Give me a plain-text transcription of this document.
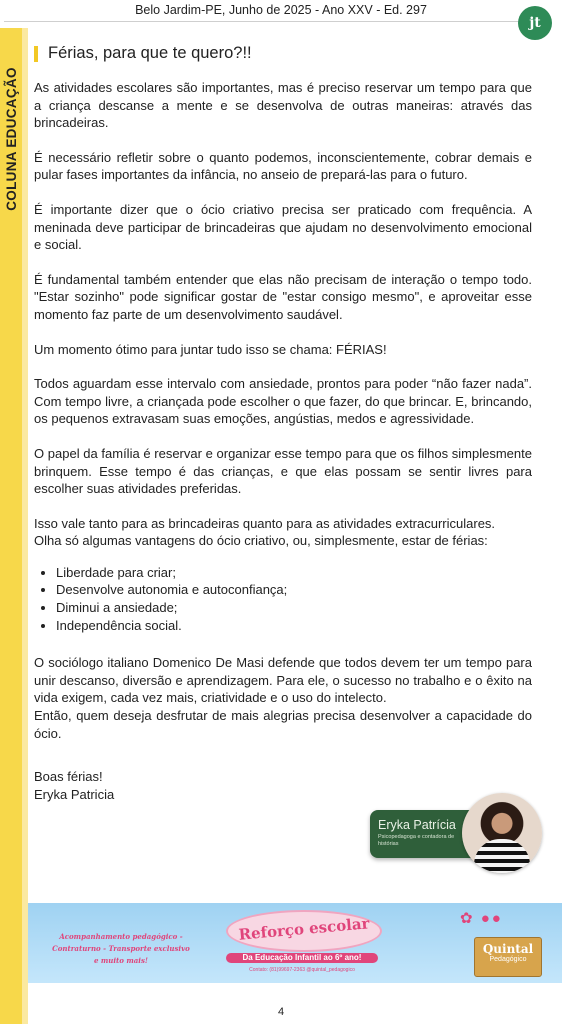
Belo Jardim-PE, Junho de 2025 - Ano XXV - Ed. 297
jt
COLUNA EDUCAÇÃO
Férias, para que te quero?!!

As atividades escolares são importantes, mas é preciso reservar um tempo para que a criança descanse a mente e se desenvolva de outras maneiras: através das brincadeiras.

É necessário refletir sobre o quanto podemos, inconscientemente, cobrar demais e pular fases importantes da infância, no anseio de prepará-las para o futuro.

É importante dizer que o ócio criativo precisa ser praticado com frequência. A meninada deve participar de brincadeiras que ajudam no desenvolvimento emocional e social.

É fundamental também entender que elas não precisam de interação o tempo todo. "Estar sozinho" pode significar gostar de "estar consigo mesmo", e aproveitar esse momento faz parte de um desenvolvimento saudável.

Um momento ótimo para juntar tudo isso se chama: FÉRIAS!

Todos aguardam esse intervalo com ansiedade, prontos para poder “não fazer nada”. Com tempo livre, a criançada pode escolher o que fazer, do que brincar. E, brincando, os pequenos extravasam suas emoções, angústias, medos e agressividade.

O papel da família é reservar e organizar esse tempo para que os filhos simplesmente brinquem. Esse tempo é das crianças, e que elas possam se sentir livres para escolher suas atividades preferidas.

Isso vale tanto para as brincadeiras quanto para as atividades extracurriculares.
Olha só algumas vantagens do ócio criativo, ou, simplesmente, estar de férias:

• Liberdade para criar;
• Desenvolve autonomia e autoconfiança;
• Diminui a ansiedade;
• Independência social.

O sociólogo italiano Domenico De Masi defende que todos devem ter um tempo para unir descanso, diversão e aprendizagem. Para ele, o sucesso no trabalho e o êxito na vida exigem, cada vez mais, criatividade e o uso do intelecto.
Então, quem deseja desfrutar de mais alegrias precisa desenvolver a capacidade do ócio.

Boas férias!
Eryka Patricia
Eryka Patrícia
Psicopedagoga e contadora de histórias
Acompanhamento pedagógico -
Contraturno - Transporte exclusivo
e muito mais!
Reforço escolar
Da Educação Infantil ao 6º ano!
Contato: (81)99697-2363 @quintal_pedagogico
✿ ●●
Quintal
Pedagógico
4
